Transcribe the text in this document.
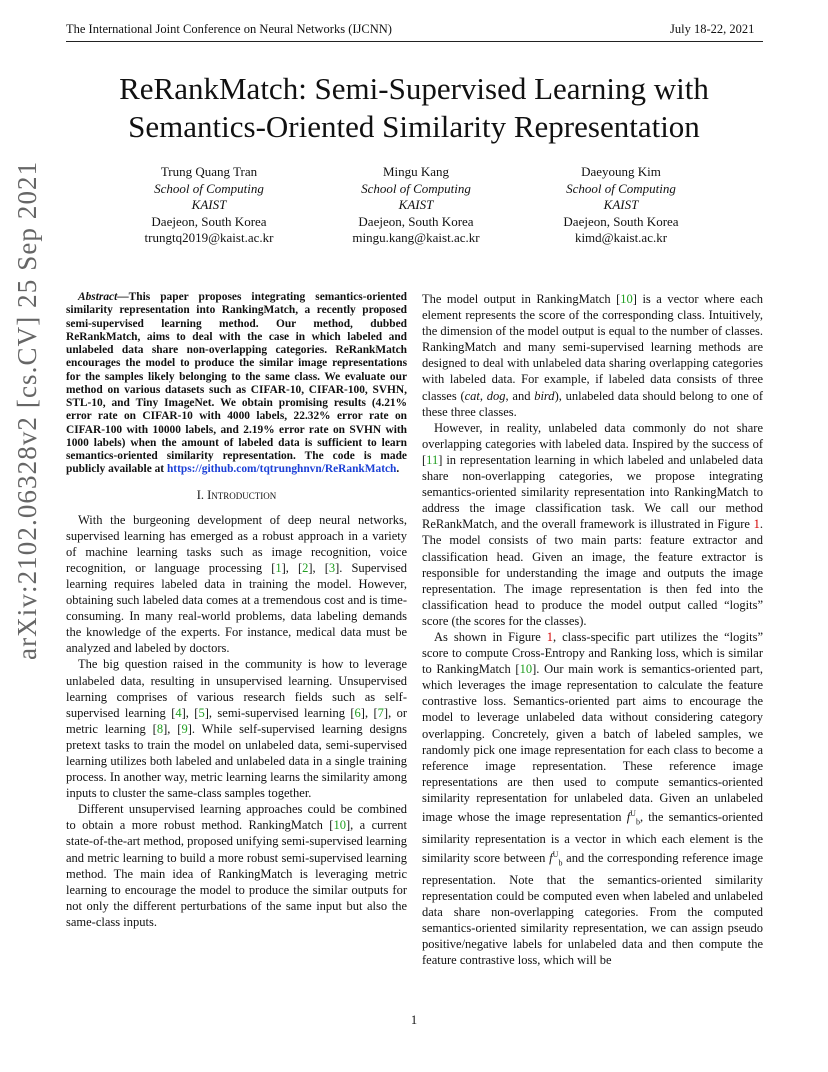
The International Joint Conference on Neural Networks (IJCNN)	July 18-22, 2021
ReRankMatch: Semi-Supervised Learning with
Semantics-Oriented Similarity Representation
Trung Quang Tran
School of Computing
KAIST
Daejeon, South Korea
trungtq2019@kaist.ac.kr
Mingu Kang
School of Computing
KAIST
Daejeon, South Korea
mingu.kang@kaist.ac.kr
Daeyoung Kim
School of Computing
KAIST
Daejeon, South Korea
kimd@kaist.ac.kr
arXiv:2102.06328v2 [cs.CV] 25 Sep 2021	Abstract—This paper proposes integrating semantics-oriented similarity representation into RankingMatch, a recently proposed semi-supervised learning method. Our method, dubbed ReRankMatch, aims to deal with the case in which labeled and unlabeled data share non-overlapping categories. ReRankMatch encourages the model to produce the similar image representations for the samples likely belonging to the same class. We evaluate our method on various datasets such as CIFAR-10, CIFAR-100, SVHN, STL-10, and Tiny ImageNet. We obtain promising results (4.21% error rate on CIFAR-10 with 4000 labels, 22.32% error rate on CIFAR-100 with 10000 labels, and 2.19% error rate on SVHN with 1000 labels) when the amount of labeled data is sufficient to learn semantics-oriented similarity representation. The code is made publicly available at https://github.com/tqtrunghnvn/ReRankMatch.

I. Introduction

With the burgeoning development of deep neural networks, supervised learning has emerged as a robust approach in a variety of machine learning tasks such as image recognition, voice recognition, or language processing [1], [2], [3]. Supervised learning requires labeled data in training the model. However, obtaining such labeled data comes at a tremendous cost and is time-consuming. In many real-world problems, data labeling demands the knowledge of the experts. For instance, medical data must be analyzed and labeled by doctors.

The big question raised in the community is how to leverage unlabeled data, resulting in unsupervised learning. Unsupervised learning comprises of various research fields such as self-supervised learning [4], [5], semi-supervised learning [6], [7], or metric learning [8], [9]. While self-supervised learning designs pretext tasks to train the model on unlabeled data, semi-supervised learning utilizes both labeled and unlabeled data in a single training process. In another way, metric learning learns the similarity among inputs to cluster the same-class samples together.

Different unsupervised learning approaches could be combined to obtain a more robust method. RankingMatch [10], a current state-of-the-art method, proposed unifying semi-supervised learning and metric learning to build a more robust semi-supervised learning method. The main idea of RankingMatch is leveraging metric learning to encourage the model to produce the similar outputs for not only the different perturbations of the same input but also the same-class inputs.

The model output in RankingMatch [10] is a vector where each element represents the score of the corresponding class. Intuitively, the dimension of the model output is equal to the number of classes. RankingMatch and many semi-supervised learning methods are designed to deal with unlabeled data sharing overlapping categories with labeled data. For example, if labeled data consists of three classes (cat, dog, and bird), unlabeled data should belong to one of these three classes.

However, in reality, unlabeled data commonly do not share overlapping categories with labeled data. Inspired by the success of [11] in representation learning in which labeled and unlabeled data share non-overlapping categories, we propose integrating semantics-oriented similarity representation into RankingMatch to address the image classification task. We call our method ReRankMatch, and the overall framework is illustrated in Figure 1. The model consists of two main parts: feature extractor and classification head. Given an image, the feature extractor is responsible for understanding the image and outputs the image representation. The image representation is then fed into the classification head to produce the model output called “logits” score (the scores for the classes).

As shown in Figure 1, class-specific part utilizes the “logits” score to compute Cross-Entropy and Ranking loss, which is similar to RankingMatch [10]. Our main work is semantics-oriented part, which leverages the image representation to calculate the feature contrastive loss. Semantics-oriented part aims to encourage the model to leverage unlabeled data without considering category overlapping. Concretely, given a batch of labeled samples, we randomly pick one image representation for each class to become a reference image representation. These reference image representations are then used to compute semantics-oriented similarity representation for unlabeled data. Given an unlabeled image whose the image representation $f^U_b$, the semantics-oriented similarity representation is a vector in which each element is the similarity score between $f^U_b$ and the corresponding reference image representation. Note that the semantics-oriented similarity representation could be computed even when labeled and unlabeled data share non-overlapping categories. From the computed semantics-oriented similarity representation, we can assign pseudo positive/negative labels for unlabeled data and then compute the feature contrastive loss, which will be

1
